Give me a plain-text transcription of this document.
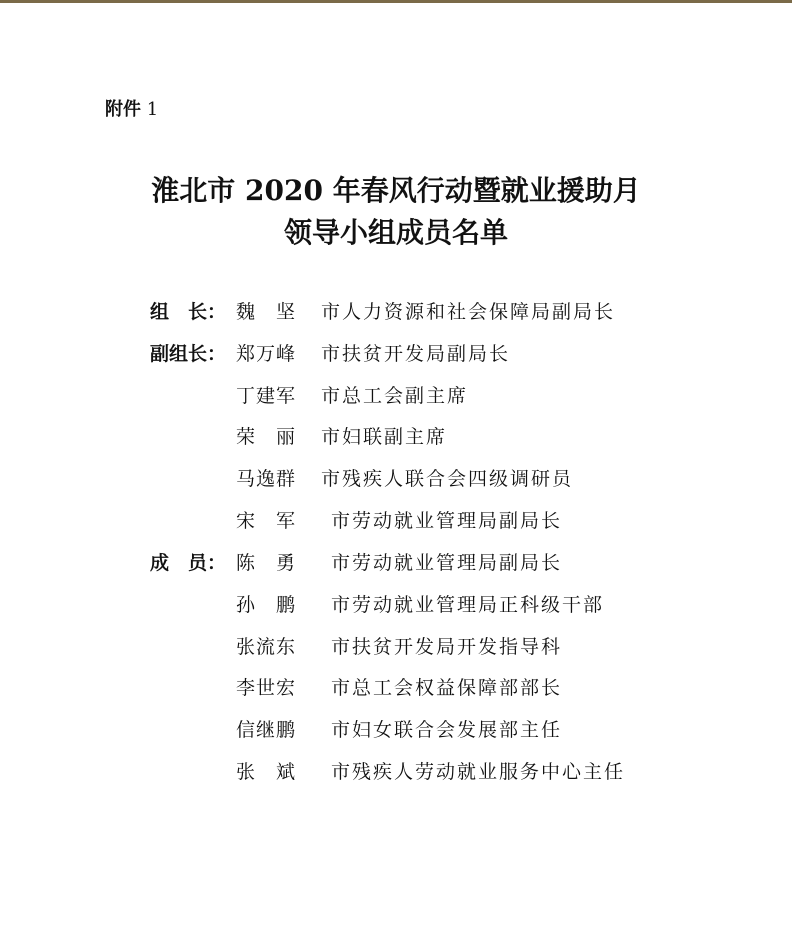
附件 1
淮北市 2020 年春风行动暨就业援助月
领导小组成员名单
组　长： 魏　坚 市人力资源和社会保障局副局长
副组长： 郑万峰 市扶贫开发局副局长
丁建军 市总工会副主席
荣　丽 市妇联副主席
马逸群 市残疾人联合会四级调研员
宋　军 市劳动就业管理局副局长
成　员： 陈　勇 市劳动就业管理局副局长
孙　鹏 市劳动就业管理局正科级干部
张流东 市扶贫开发局开发指导科
李世宏 市总工会权益保障部部长
信继鹏 市妇女联合会发展部主任
张　斌 市残疾人劳动就业服务中心主任
